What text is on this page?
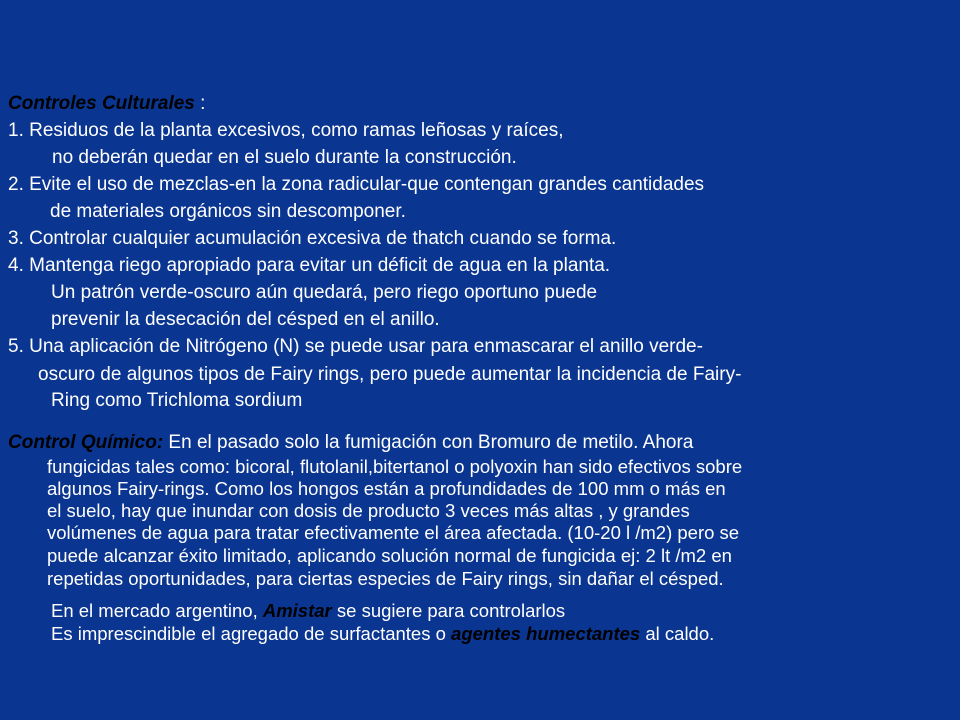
Controles Culturales :
1. Residuos de la planta excesivos, como ramas leñosas y raíces,
no deberán quedar en el suelo durante la construcción.
2. Evite el uso de mezclas-en la zona radicular-que contengan grandes cantidades
de materiales orgánicos sin descomponer.
3. Controlar cualquier acumulación excesiva de thatch cuando se forma.
4. Mantenga riego apropiado para evitar un déficit de agua en la planta.
Un patrón verde-oscuro aún quedará, pero riego oportuno puede
prevenir la desecación del césped en el anillo.
5. Una aplicación de Nitrógeno (N) se puede usar para enmascarar el anillo verde-
oscuro de algunos tipos de Fairy rings, pero puede aumentar la incidencia de Fairy-
Ring como Trichloma sordium
Control Químico: En el pasado solo la fumigación con Bromuro de metilo. Ahora
fungicidas tales como: bicoral, flutolanil,bitertanol o polyoxin han sido efectivos sobre
algunos Fairy-rings. Como los hongos están a profundidades de 100 mm o más en
el suelo, hay que inundar con dosis de producto 3 veces más altas , y grandes
volúmenes de agua para tratar efectivamente el área afectada. (10-20 l /m2) pero se
puede alcanzar éxito limitado, aplicando solución normal de fungicida ej: 2 lt /m2 en
repetidas oportunidades, para ciertas especies de Fairy rings, sin dañar el césped.
En el mercado argentino, Amistar se sugiere para controlarlos
Es imprescindible el agregado de surfactantes o agentes humectantes al caldo.
